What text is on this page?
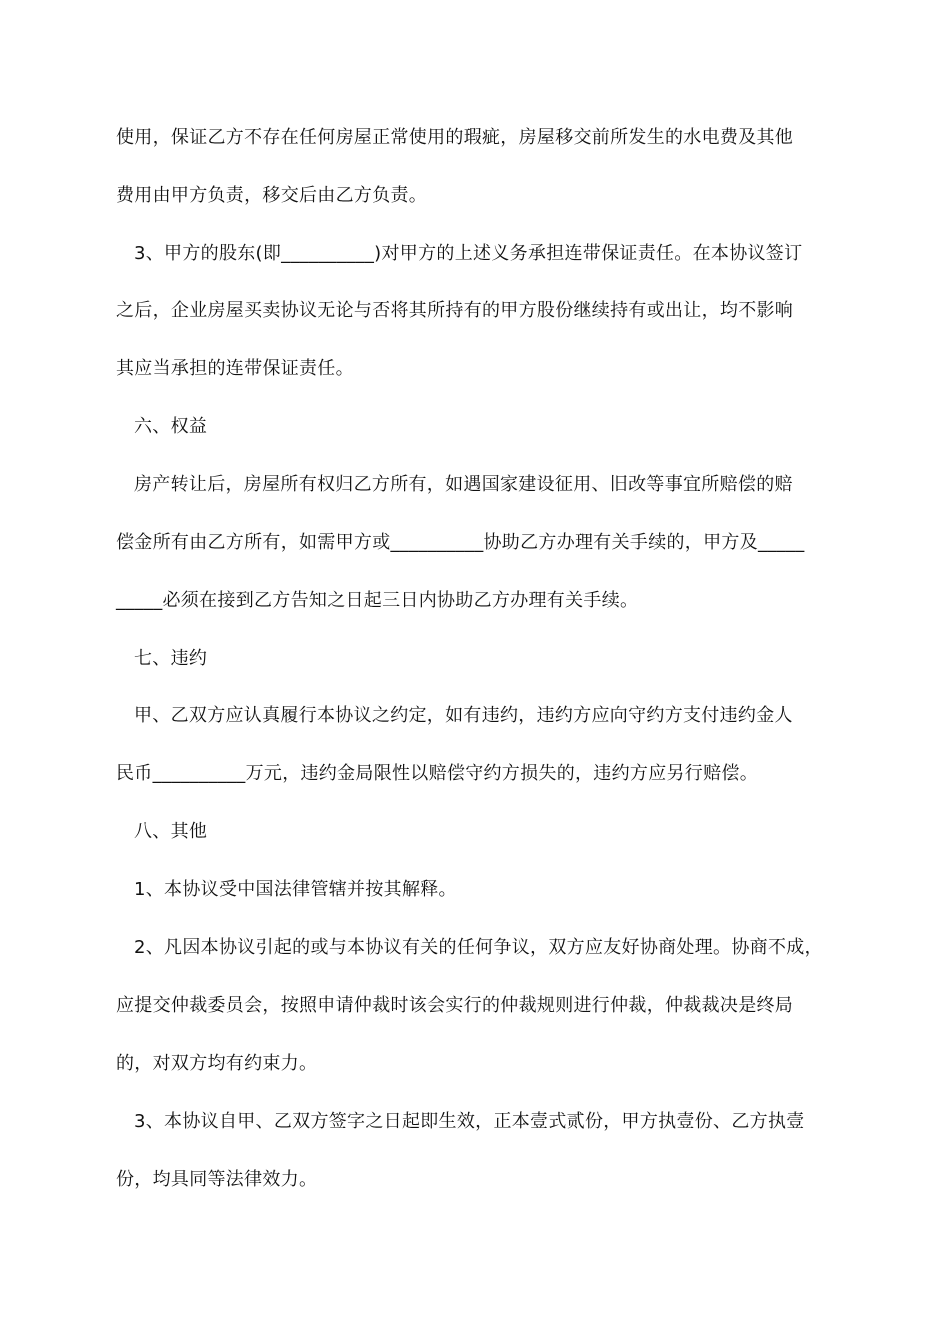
使用，保证乙方不存在任何房屋正常使用的瑕疵，房屋移交前所发生的水电费及其他
费用由甲方负责，移交后由乙方负责。
3、甲方的股东(即__________)对甲方的上述义务承担连带保证责任。在本协议签订
之后，企业房屋买卖协议无论与否将其所持有的甲方股份继续持有或出让，均不影响
其应当承担的连带保证责任。
六、权益
房产转让后，房屋所有权归乙方所有，如遇国家建设征用、旧改等事宜所赔偿的赔
偿金所有由乙方所有，如需甲方或__________协助乙方办理有关手续的，甲方及_____
_____必须在接到乙方告知之日起三日内协助乙方办理有关手续。
七、违约
甲、乙双方应认真履行本协议之约定，如有违约，违约方应向守约方支付违约金人
民币__________万元，违约金局限性以赔偿守约方损失的，违约方应另行赔偿。
八、其他
1、本协议受中国法律管辖并按其解释。
2、凡因本协议引起的或与本协议有关的任何争议，双方应友好协商处理。协商不成，
应提交仲裁委员会，按照申请仲裁时该会实行的仲裁规则进行仲裁，仲裁裁决是终局
的，对双方均有约束力。
3、本协议自甲、乙双方签字之日起即生效，正本壹式贰份，甲方执壹份、乙方执壹
份，均具同等法律效力。
